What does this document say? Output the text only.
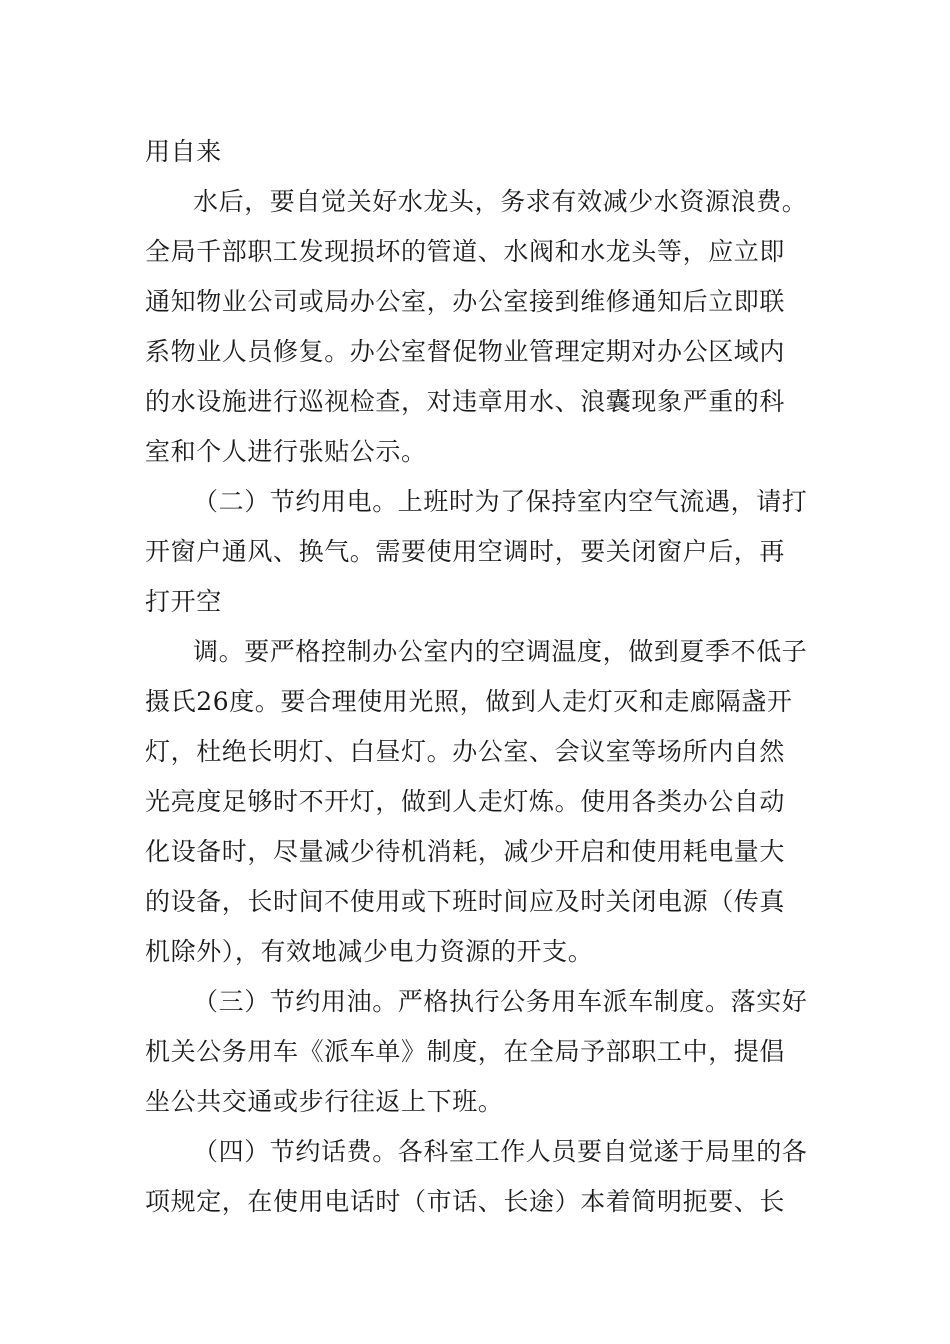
用自来

水后，要自觉关好水龙头，务求有效减少水资源浪费。

全局千部职工发现损坏的管道、水阀和水龙头等，应立即

通知物业公司或局办公室，办公室接到维修通知后立即联

系物业人员修复。办公室督促物业管理定期对办公区域内

的水设施进行巡视检查，对违章用水、浪囊现象严重的科

室和个人进行张贴公示。

（二）节约用电。上班时为了保持室内空气流遇，请打

开窗户通风、换气。需要使用空调时，要关闭窗户后，再

打开空

调。要严格控制办公室内的空调温度，做到夏季不低子

摄氏26度。要合理使用光照，做到人走灯灭和走廊隔盏开

灯，杜绝长明灯、白昼灯。办公室、会议室等场所内自然

光亮度足够时不开灯，做到人走灯炼。使用各类办公自动

化设备时，尽量减少待机消耗，减少开启和使用耗电量大

的设备，长时间不使用或下班时间应及时关闭电源（传真

机除外），有效地减少电力资源的开支。

（三）节约用油。严格执行公务用车派车制度。落实好

机关公务用车《派车单》制度，在全局予部职工中，提倡

坐公共交通或步行往返上下班。

（四）节约话费。各科室工作人员要自觉遂于局里的各

项规定，在使用电话时（市话、长途）本着简明扼要、长
